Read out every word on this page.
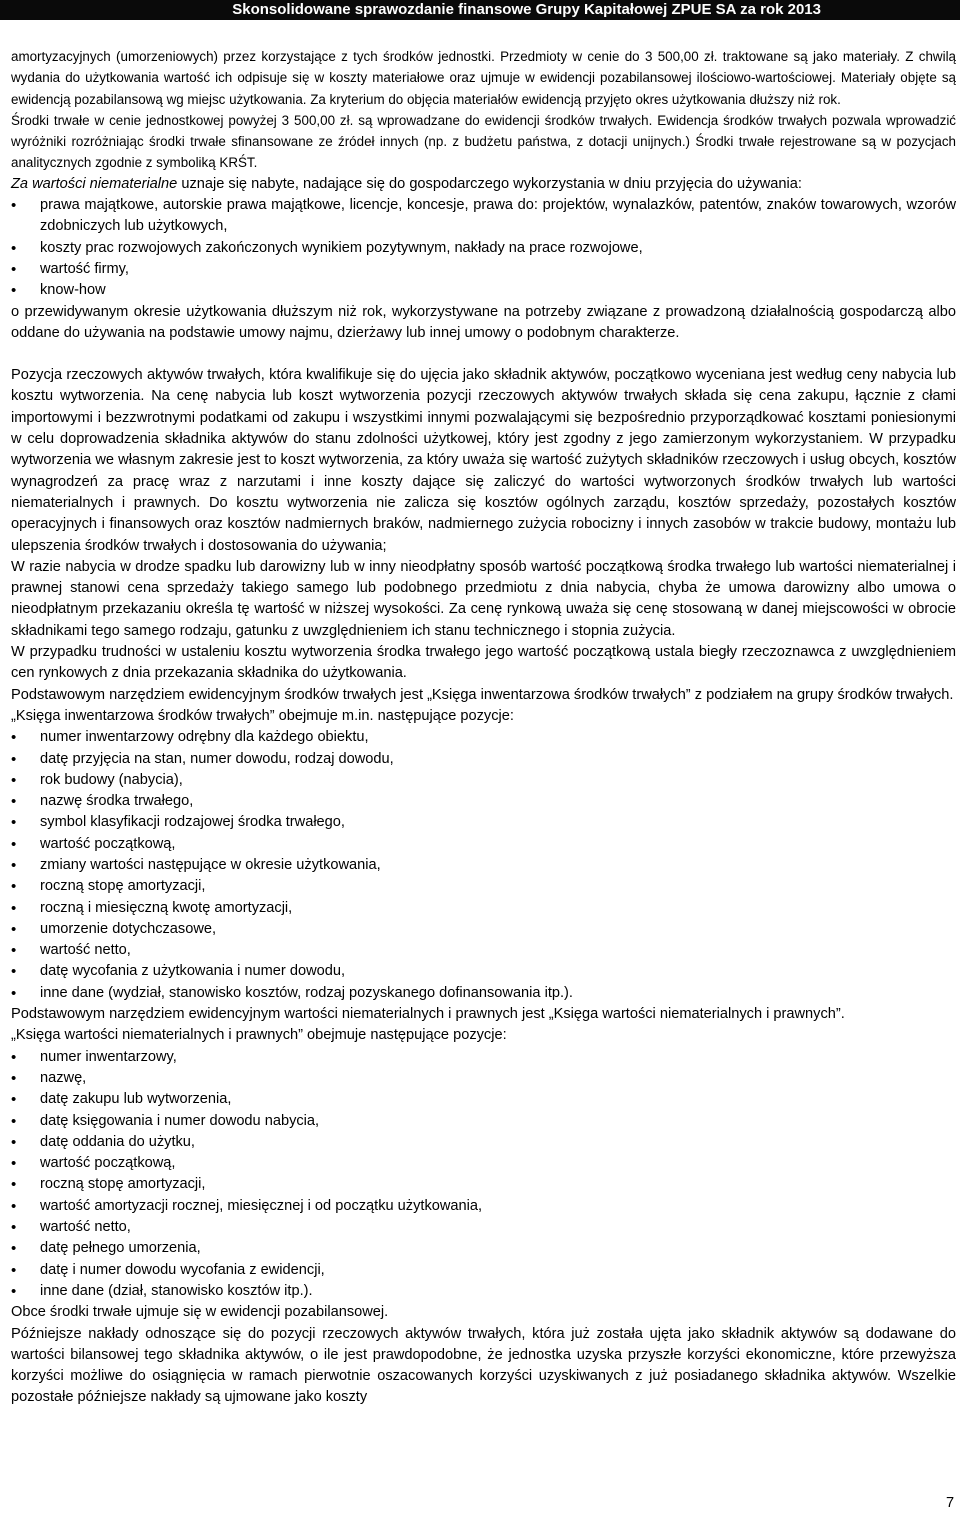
Skonsolidowane sprawozdanie finansowe Grupy Kapitałowej ZPUE SA za rok 2013

amortyzacyjnych (umorzeniowych) przez korzystające z tych środków jednostki. Przedmioty w cenie do 3 500,00 zł. traktowane są jako materiały. Z chwilą wydania do użytkowania wartość ich odpisuje się w koszty materiałowe oraz ujmuje w ewidencji pozabilansowej ilościowo-wartościowej. Materiały objęte są ewidencją pozabilansową wg miejsc użytkowania. Za kryterium do objęcia materiałów ewidencją przyjęto okres użytkowania dłuższy niż rok.

Środki trwałe w cenie jednostkowej powyżej 3 500,00 zł. są wprowadzane do ewidencji środków trwałych. Ewidencja środków trwałych pozwala wprowadzić wyróżniki rozróżniając środki trwałe sfinansowane ze źródeł innych (np. z budżetu państwa, z dotacji unijnych.) Środki trwałe rejestrowane są w pozycjach analitycznych zgodnie z symboliką KRŚT.

Za wartości niematerialne uznaje się nabyte, nadające się do gospodarczego wykorzystania w dniu przyjęcia do używania:

• prawa majątkowe, autorskie prawa majątkowe, licencje, koncesje, prawa do: projektów, wynalazków, patentów, znaków towarowych, wzorów zdobniczych lub użytkowych,
• koszty prac rozwojowych zakończonych wynikiem pozytywnym, nakłady na prace rozwojowe,
• wartość firmy,
• know-how

o przewidywanym okresie użytkowania dłuższym niż rok, wykorzystywane na potrzeby związane z prowadzoną działalnością gospodarczą albo oddane do używania na podstawie umowy najmu, dzierżawy lub innej umowy o podobnym charakterze.

Pozycja rzeczowych aktywów trwałych, która kwalifikuje się do ujęcia jako składnik aktywów, początkowo wyceniana jest według ceny nabycia lub kosztu wytworzenia. Na cenę nabycia lub koszt wytworzenia pozycji rzeczowych aktywów trwałych składa się cena zakupu, łącznie z cłami importowymi i bezzwrotnymi podatkami od zakupu i wszystkimi innymi pozwalającymi się bezpośrednio przyporządkować kosztami poniesionymi w celu doprowadzenia składnika aktywów do stanu zdolności użytkowej, który jest zgodny z jego zamierzonym wykorzystaniem. W przypadku wytworzenia we własnym zakresie jest to koszt wytworzenia, za który uważa się wartość zużytych składników rzeczowych i usług obcych, kosztów wynagrodzeń za pracę wraz z narzutami i inne koszty dające się zaliczyć do wartości wytworzonych środków trwałych lub wartości niematerialnych i prawnych. Do kosztu wytworzenia nie zalicza się kosztów ogólnych zarządu, kosztów sprzedaży, pozostałych kosztów operacyjnych i finansowych oraz kosztów nadmiernych braków, nadmiernego zużycia robocizny i innych zasobów w trakcie budowy, montażu lub ulepszenia środków trwałych i dostosowania do używania;

W razie nabycia w drodze spadku lub darowizny lub w inny nieodpłatny sposób wartość początkową środka trwałego lub wartości niematerialnej i prawnej stanowi cena sprzedaży takiego samego lub podobnego przedmiotu z dnia nabycia, chyba że umowa darowizny albo umowa o nieodpłatnym przekazaniu określa tę wartość w niższej wysokości. Za cenę rynkową uważa się cenę stosowaną w danej miejscowości w obrocie składnikami tego samego rodzaju, gatunku z uwzględnieniem ich stanu technicznego i stopnia zużycia.

W przypadku trudności w ustaleniu kosztu wytworzenia środka trwałego jego wartość początkową ustala biegły rzeczoznawca z uwzględnieniem cen rynkowych z dnia przekazania składnika do użytkowania.

Podstawowym narzędziem ewidencyjnym środków trwałych jest „Księga inwentarzowa środków trwałych” z podziałem na grupy środków trwałych.

„Księga inwentarzowa środków trwałych” obejmuje m.in. następujące pozycje:

• numer inwentarzowy odrębny dla każdego obiektu,
• datę przyjęcia na stan, numer dowodu, rodzaj dowodu,
• rok budowy (nabycia),
• nazwę środka trwałego,
• symbol klasyfikacji rodzajowej środka trwałego,
• wartość początkową,
• zmiany wartości następujące w okresie użytkowania,
• roczną stopę amortyzacji,
• roczną i miesięczną kwotę amortyzacji,
• umorzenie dotychczasowe,
• wartość netto,
• datę wycofania z użytkowania i numer dowodu,
• inne dane (wydział, stanowisko kosztów, rodzaj pozyskanego dofinansowania itp.).

Podstawowym narzędziem ewidencyjnym wartości niematerialnych i prawnych jest „Księga wartości niematerialnych i prawnych”.

„Księga wartości niematerialnych i prawnych” obejmuje następujące pozycje:

• numer inwentarzowy,
• nazwę,
• datę zakupu lub wytworzenia,
• datę księgowania i numer dowodu nabycia,
• datę oddania do użytku,
• wartość początkową,
• roczną stopę amortyzacji,
• wartość amortyzacji rocznej, miesięcznej i od początku użytkowania,
• wartość netto,
• datę pełnego umorzenia,
• datę i numer dowodu wycofania z ewidencji,
• inne dane (dział, stanowisko kosztów itp.).

Obce środki trwałe ujmuje się w ewidencji pozabilansowej.

Późniejsze nakłady odnoszące się do pozycji rzeczowych aktywów trwałych, która już została ujęta jako składnik aktywów są dodawane do wartości bilansowej tego składnika aktywów, o ile jest prawdopodobne, że jednostka uzyska przyszłe korzyści ekonomiczne, które przewyższa korzyści możliwe do osiągnięcia w ramach pierwotnie oszacowanych korzyści uzyskiwanych z już posiadanego składnika aktywów. Wszelkie pozostałe późniejsze nakłady są ujmowane jako koszty

7
